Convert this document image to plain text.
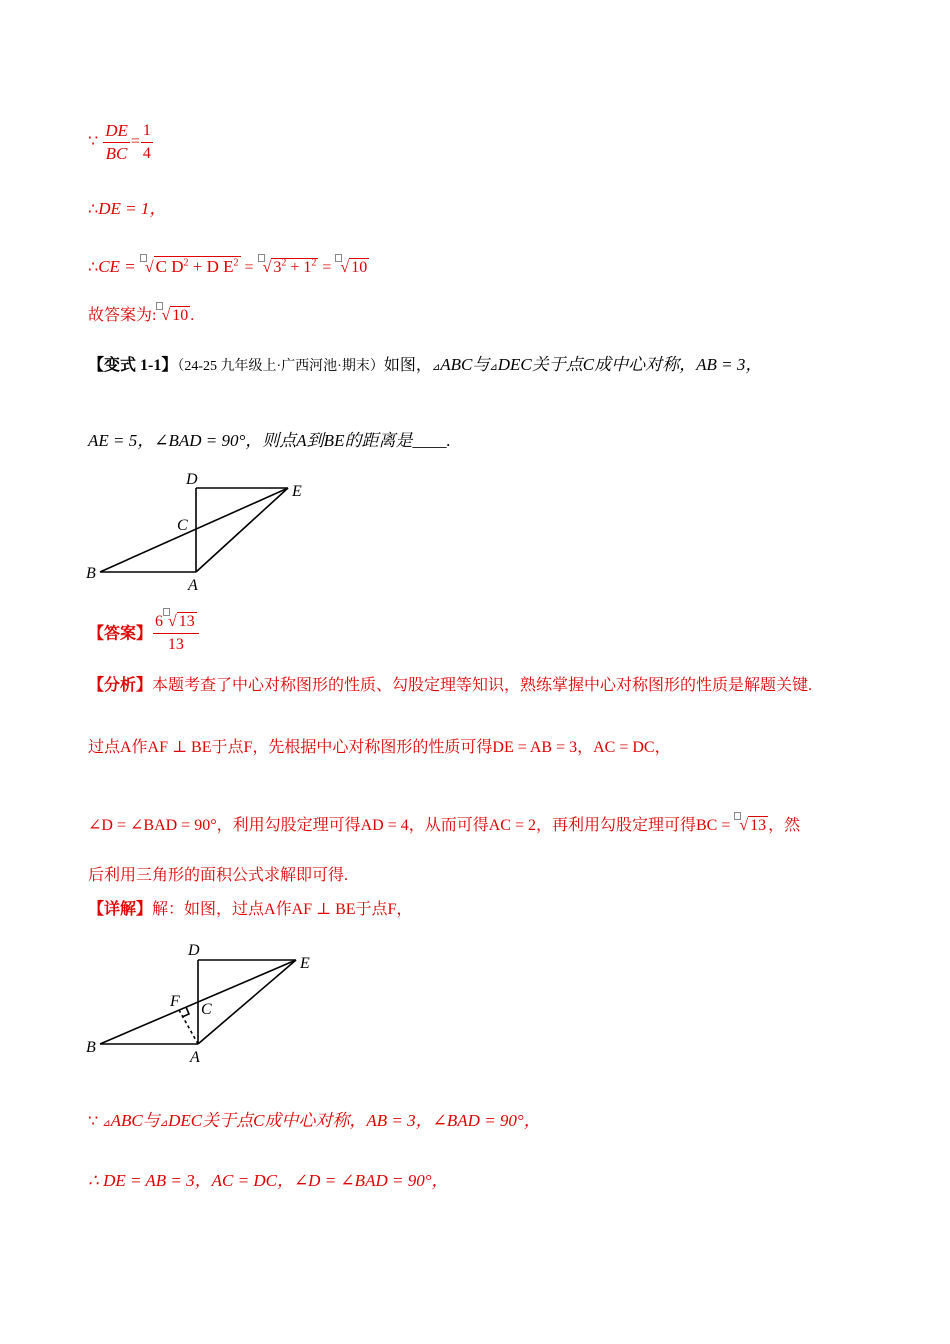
∵ $\frac{DE}{BC} = \frac{1}{4}$
∴DE = 1，
∴CE = √ C $D^2 + D$ $E^2$ = √ $3^2 + 1^2$ = √ 10
故答案为: √ 10 .
【变式 1-1】（24-25 九年级上·广西河池·期末）如图，⊿ABC与⊿DEC关于点C成中心对称，AB = 3，
AE = 5，∠BAD = 90°，则点A到BE的距离是____.
D
E
C
B
A
【答案】 $\frac{6 √ 13}{13}$
【分析】本题考查了中心对称图形的性质、勾股定理等知识，熟练掌握中心对称图形的性质是解题关键.
过点A作AF ⊥ BE于点F，先根据中心对称图形的性质可得DE = AB = 3，AC = DC，
∠D = ∠BAD = 90°，利用勾股定理可得AD = 4，从而可得AC = 2，再利用勾股定理可得BC = √ 13 ，然
后利用三角形的面积公式求解即可得.
【详解】解：如图，过点A作AF ⊥ BE于点F，
D
E
F C
B
A
∵ ⊿ABC与⊿DEC关于点C成中心对称，AB = 3，∠BAD = 90°，
∴ DE = AB = 3，AC = DC，∠D = ∠BAD = 90°，
